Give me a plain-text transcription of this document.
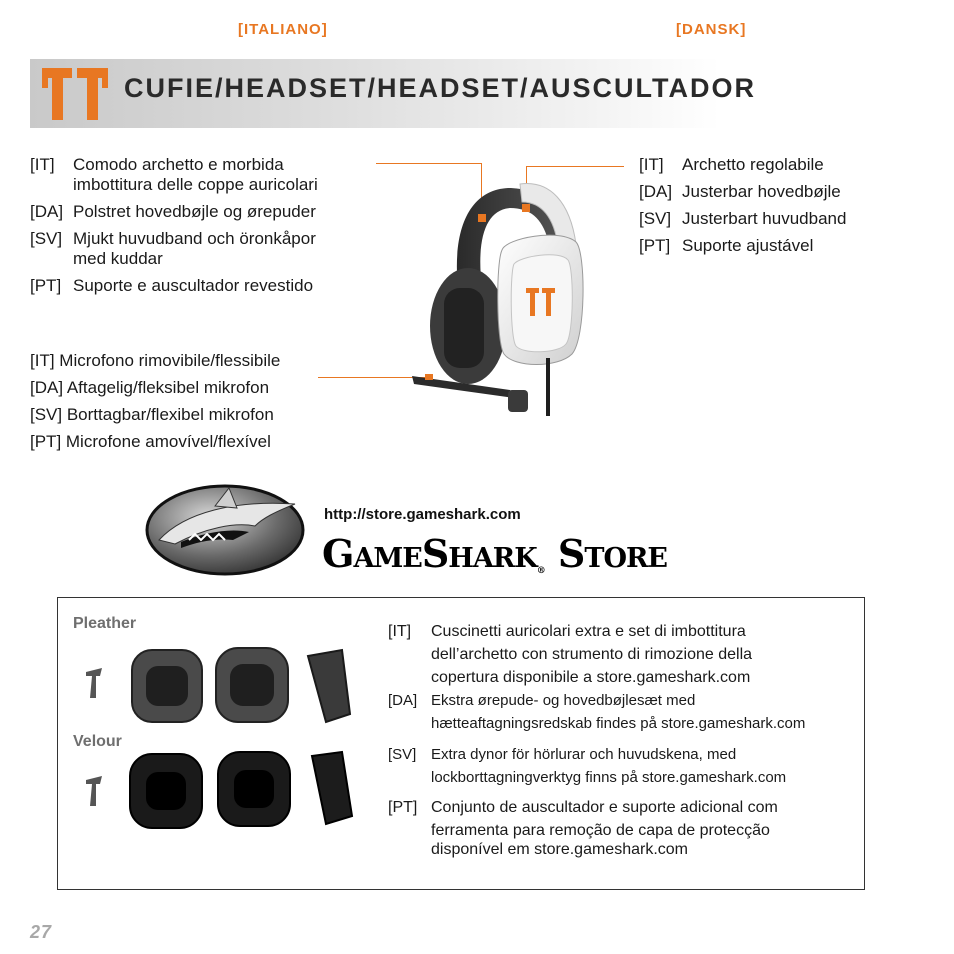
[ITALIANO]	[DANSK]
CUFIE/HEADSET/HEADSET/AUSCULTADOR
[IT] Comodo archetto e morbida
imbottitura delle coppe auricolari
[DA] Polstret hovedbøjle og ørepuder
[SV] Mjukt huvudband och öronkåpor
med kuddar
[PT] Suporte e auscultador revestido
[IT] Microfono rimovibile/flessibile
[DA] Aftagelig/fleksibel mikrofon
[SV] Borttagbar/flexibel mikrofon
[PT] Microfone amovível/flexível
[IT] Archetto regolabile
[DA] Justerbar hovedbøjle
[SV] Justerbart huvudband
[PT] Suporte ajustável
http://store.gameshark.com
GameShark® Store
Pleather
Velour
[IT] Cuscinetti auricolari extra e set di imbottitura
dell’archetto con strumento di rimozione della
copertura disponibile a store.gameshark.com
[DA] Ekstra ørepude- og hovedbøjlesæt med
hætteaftagningsredskab findes på store.gameshark.com
[SV] Extra dynor för hörlurar och huvudskena, med
lockborttagningverktyg finns på store.gameshark.com
[PT] Conjunto de auscultador e suporte adicional com
ferramenta para remoção de capa de protecção
disponível em store.gameshark.com
27
